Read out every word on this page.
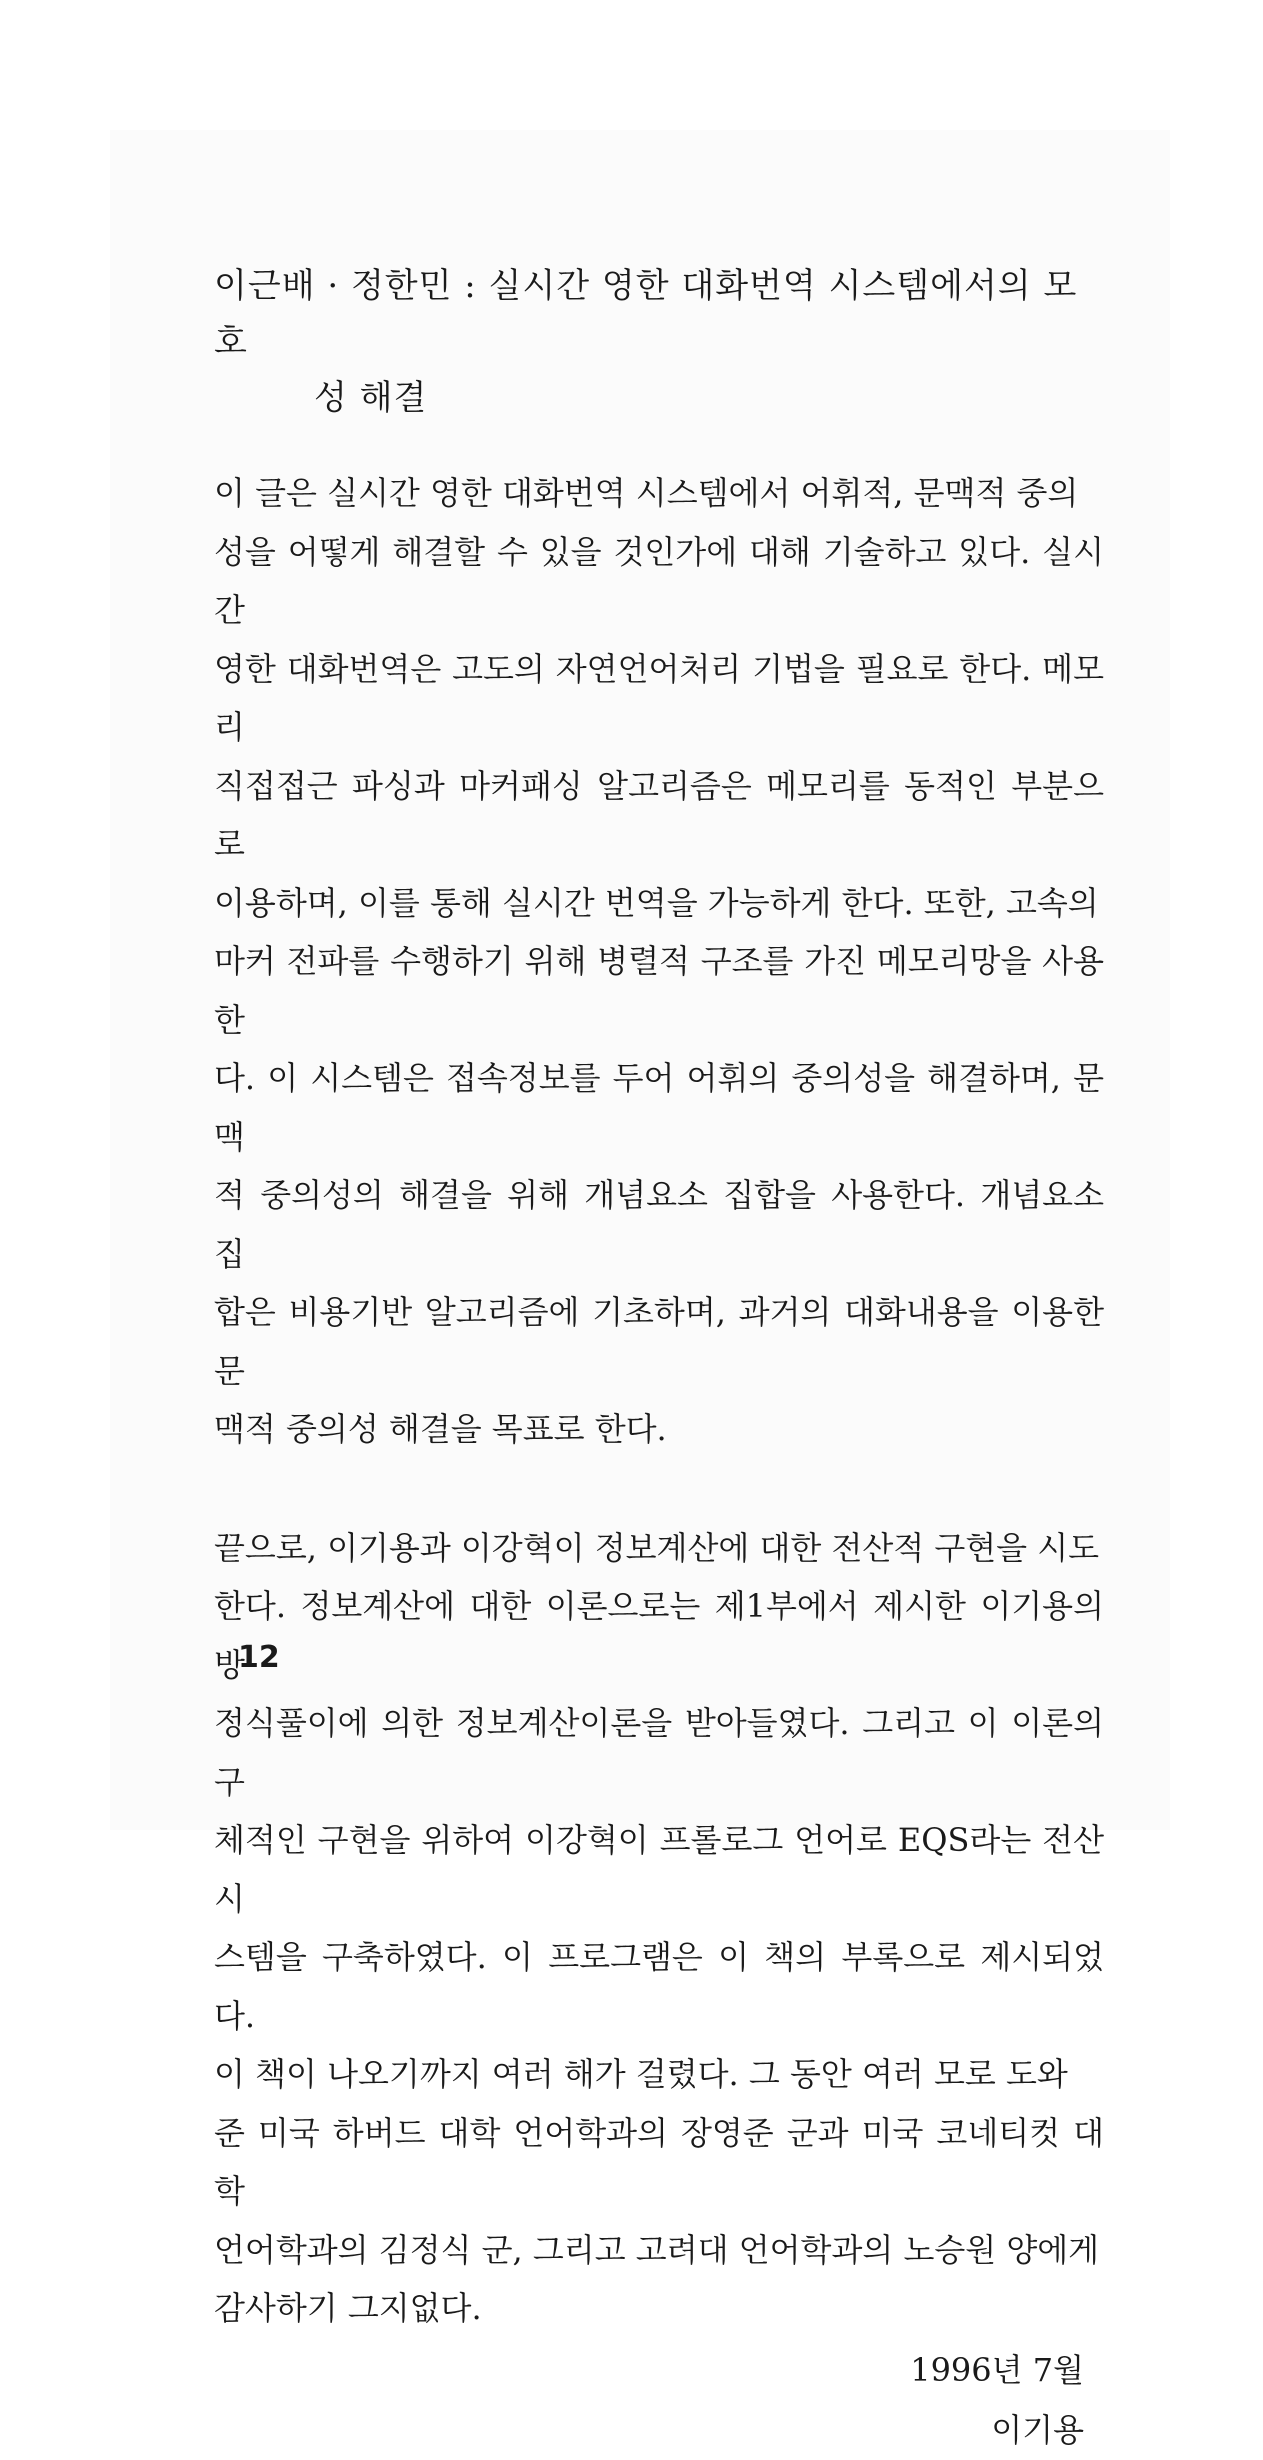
이근배 · 정한민 : 실시간 영한 대화번역 시스템에서의 모호
성 해결

이 글은 실시간 영한 대화번역 시스템에서 어휘적, 문맥적 중의
성을 어떻게 해결할 수 있을 것인가에 대해 기술하고 있다. 실시간
영한 대화번역은 고도의 자연언어처리 기법을 필요로 한다. 메모리
직접접근 파싱과 마커패싱 알고리즘은 메모리를 동적인 부분으로
이용하며, 이를 통해 실시간 번역을 가능하게 한다. 또한, 고속의
마커 전파를 수행하기 위해 병렬적 구조를 가진 메모리망을 사용한
다. 이 시스템은 접속정보를 두어 어휘의 중의성을 해결하며, 문맥
적 중의성의 해결을 위해 개념요소 집합을 사용한다. 개념요소 집
합은 비용기반 알고리즘에 기초하며, 과거의 대화내용을 이용한 문
맥적 중의성 해결을 목표로 한다.

끝으로, 이기용과 이강혁이 정보계산에 대한 전산적 구현을 시도
한다. 정보계산에 대한 이론으로는 제1부에서 제시한 이기용의 방
정식풀이에 의한 정보계산이론을 받아들였다. 그리고 이 이론의 구
체적인 구현을 위하여 이강혁이 프롤로그 언어로 EQS라는 전산 시
스템을 구축하였다. 이 프로그램은 이 책의 부록으로 제시되었다.
이 책이 나오기까지 여러 해가 걸렸다. 그 동안 여러 모로 도와
준 미국 하버드 대학 언어학과의 장영준 군과 미국 코네티컷 대학
언어학과의 김정식 군, 그리고 고려대 언어학과의 노승원 양에게
감사하기 그지없다.

1996년 7월
이기용
12
